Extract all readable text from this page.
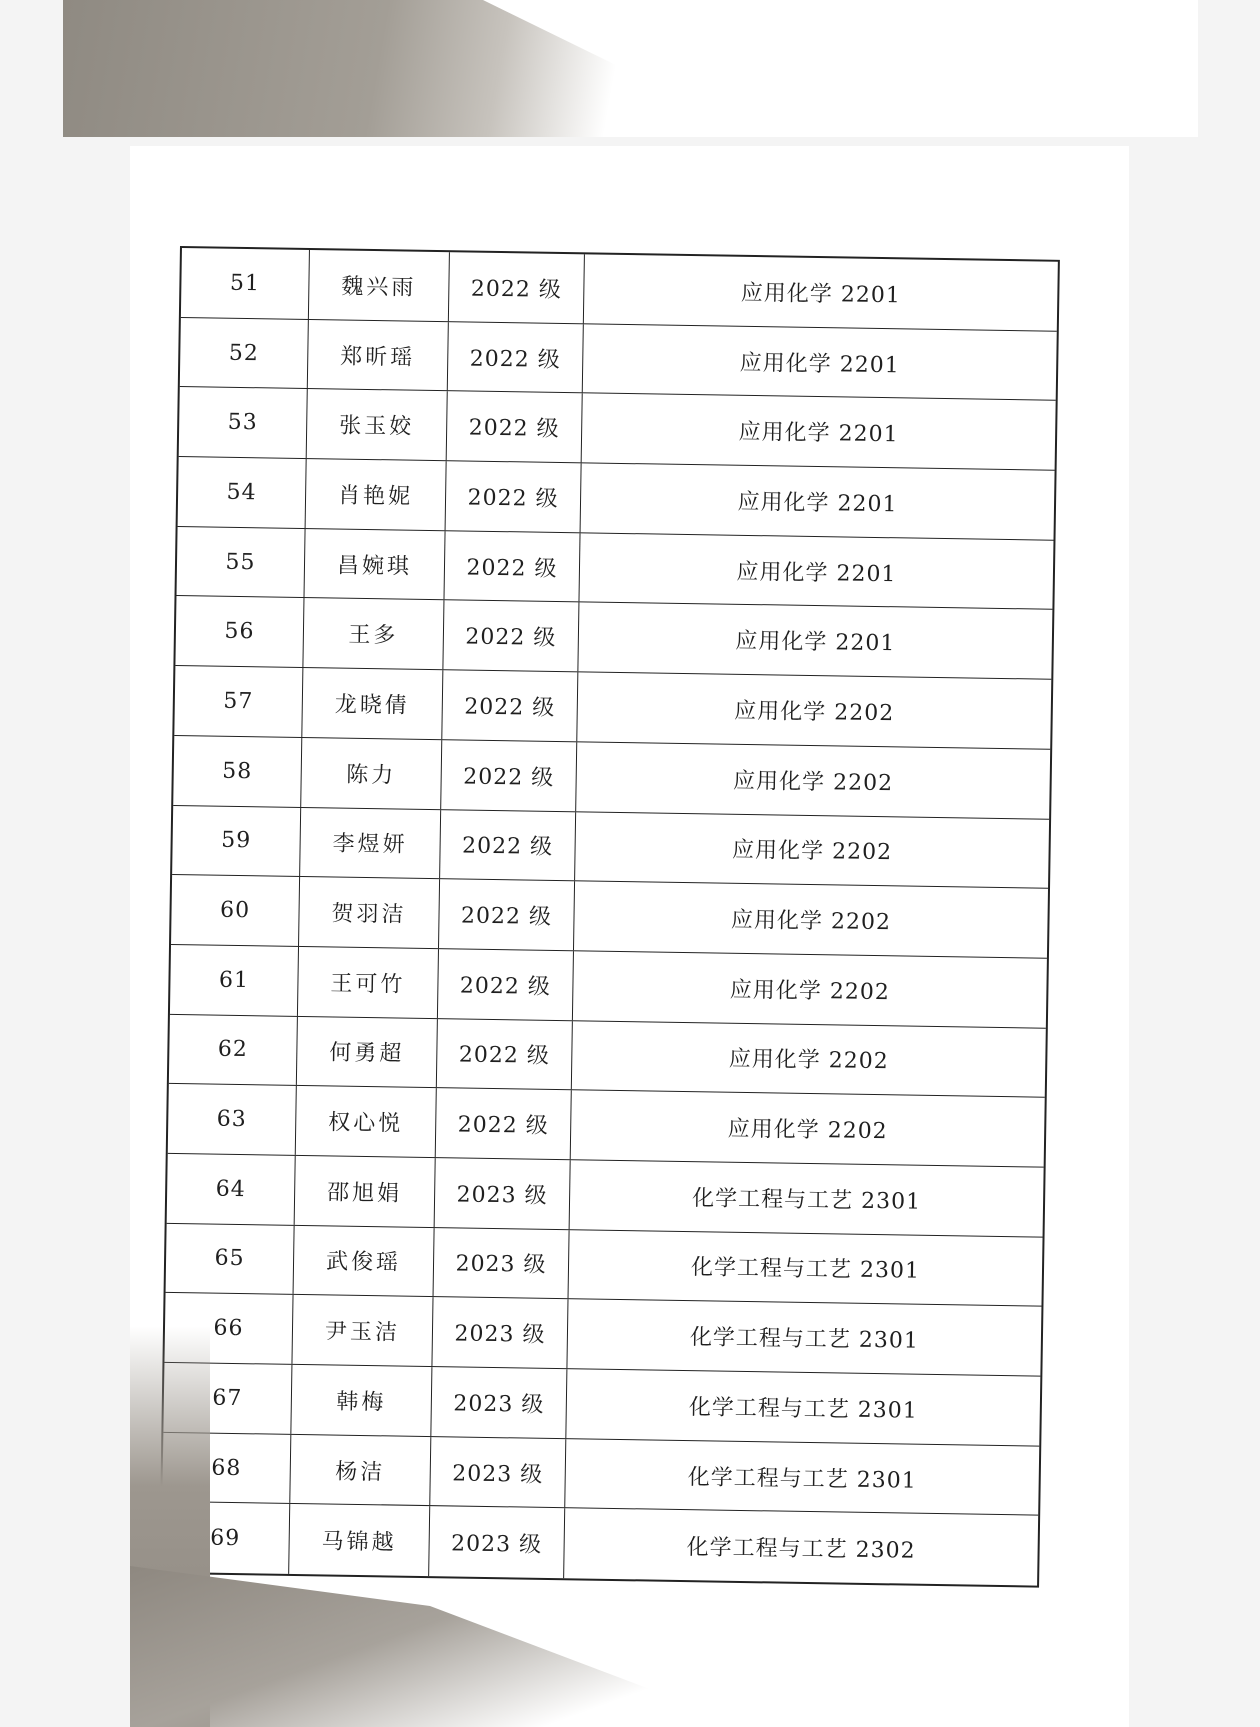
51	魏兴雨	2022 级	应用化学 2201
52	郑昕瑶	2022 级	应用化学 2201
53	张玉姣	2022 级	应用化学 2201
54	肖艳妮	2022 级	应用化学 2201
55	昌婉琪	2022 级	应用化学 2201
56	王多	2022 级	应用化学 2201
57	龙晓倩	2022 级	应用化学 2202
58	陈力	2022 级	应用化学 2202
59	李煜妍	2022 级	应用化学 2202
60	贺羽洁	2022 级	应用化学 2202
61	王可竹	2022 级	应用化学 2202
62	何勇超	2022 级	应用化学 2202
63	权心悦	2022 级	应用化学 2202
64	邵旭娟	2023 级	化学工程与工艺 2301
65	武俊瑶	2023 级	化学工程与工艺 2301
66	尹玉洁	2023 级	化学工程与工艺 2301
67	韩梅	2023 级	化学工程与工艺 2301
68	杨洁	2023 级	化学工程与工艺 2301
69	马锦越	2023 级	化学工程与工艺 2302
